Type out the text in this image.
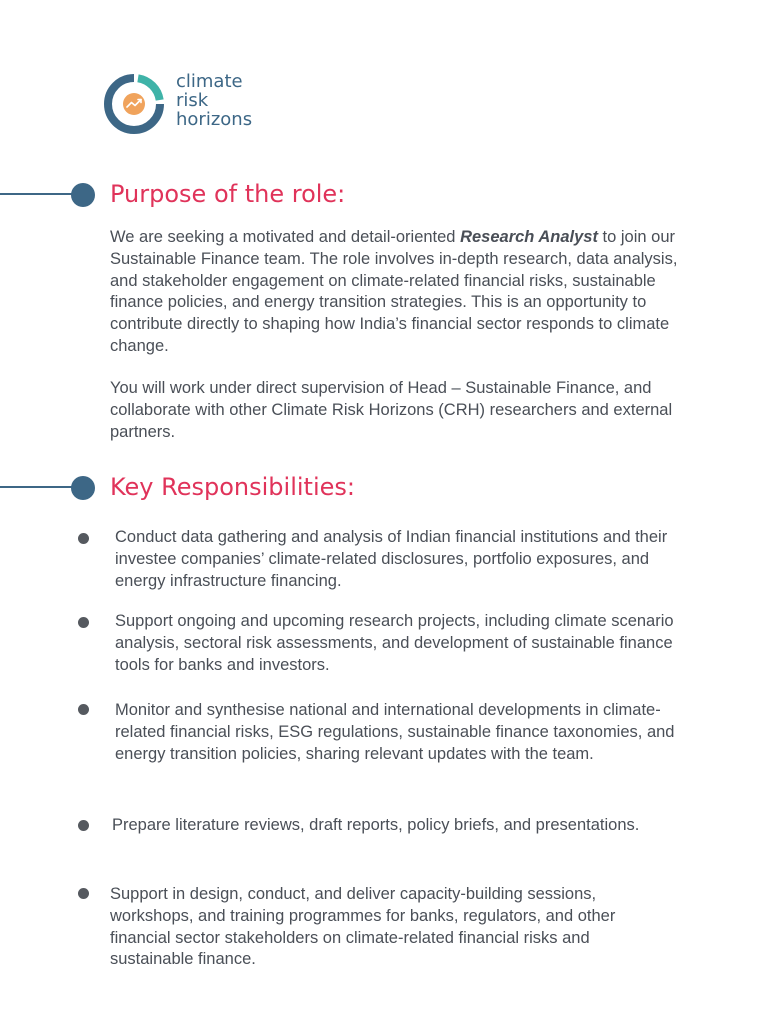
climate
risk
horizons
Purpose of the role:

We are seeking a motivated and detail-oriented Research Analyst to join our Sustainable Finance team. The role involves in-depth research, data analysis, and stakeholder engagement on climate-related financial risks, sustainable finance policies, and energy transition strategies. This is an opportunity to contribute directly to shaping how India’s financial sector responds to climate change.

You will work under direct supervision of Head – Sustainable Finance, and collaborate with other Climate Risk Horizons (CRH) researchers and external partners.

Key Responsibilities:

Conduct data gathering and analysis of Indian financial institutions and their investee companies’ climate-related disclosures, portfolio exposures, and energy infrastructure financing.

Support ongoing and upcoming research projects, including climate scenario analysis, sectoral risk assessments, and development of sustainable finance tools for banks and investors.

Monitor and synthesise national and international developments in climate-related financial risks, ESG regulations, sustainable finance taxonomies, and energy transition policies, sharing relevant updates with the team.

Prepare literature reviews, draft reports, policy briefs, and presentations.

Support in design, conduct, and deliver capacity-building sessions, workshops, and training programmes for banks, regulators, and other financial sector stakeholders on climate-related financial risks and sustainable finance.
